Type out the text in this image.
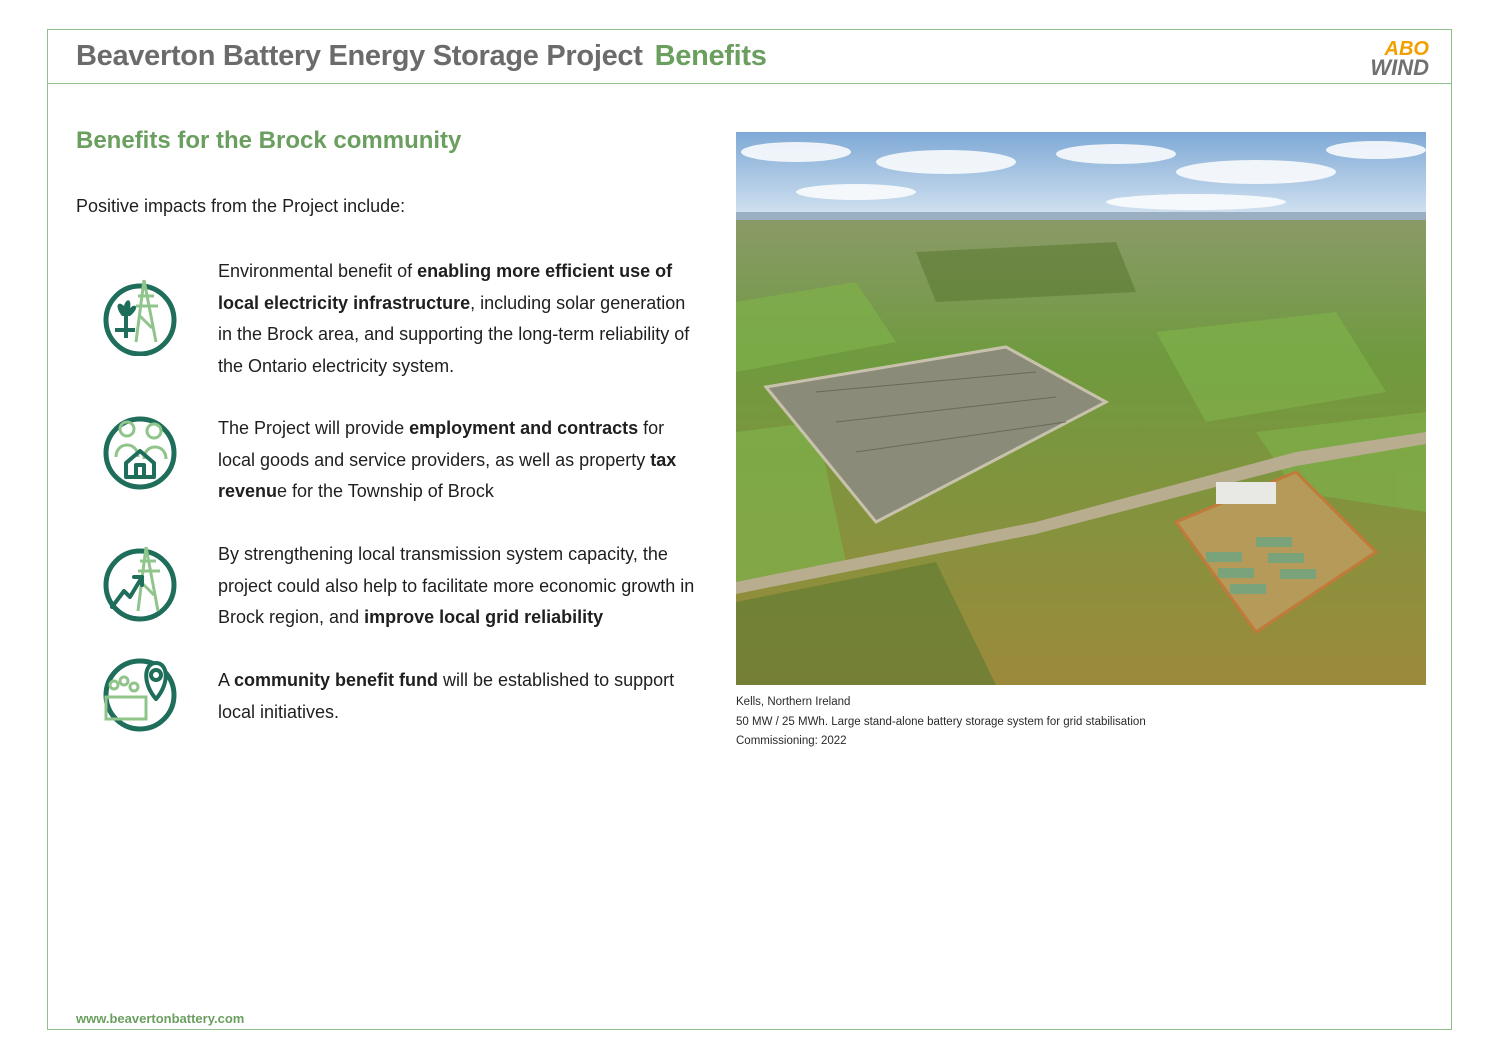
Beaverton Battery Energy Storage Project Benefits	ABO
WIND
Benefits for the Brock community
Positive impacts from the Project include:
Environmental benefit of enabling more efficient use of local electricity infrastructure, including solar generation in the Brock area, and supporting the long-term reliability of the Ontario electricity system.
The Project will provide employment and contracts for local goods and service providers, as well as property tax revenue for the Township of Brock
By strengthening local transmission system capacity, the project could also help to facilitate more economic growth in Brock region, and improve local grid reliability
A community benefit fund will be established to support local initiatives.	Kells, Northern Ireland
50 MW / 25 MWh. Large stand-alone battery storage system for grid stabilisation
Commissioning: 2022
www.beavertonbattery.com
